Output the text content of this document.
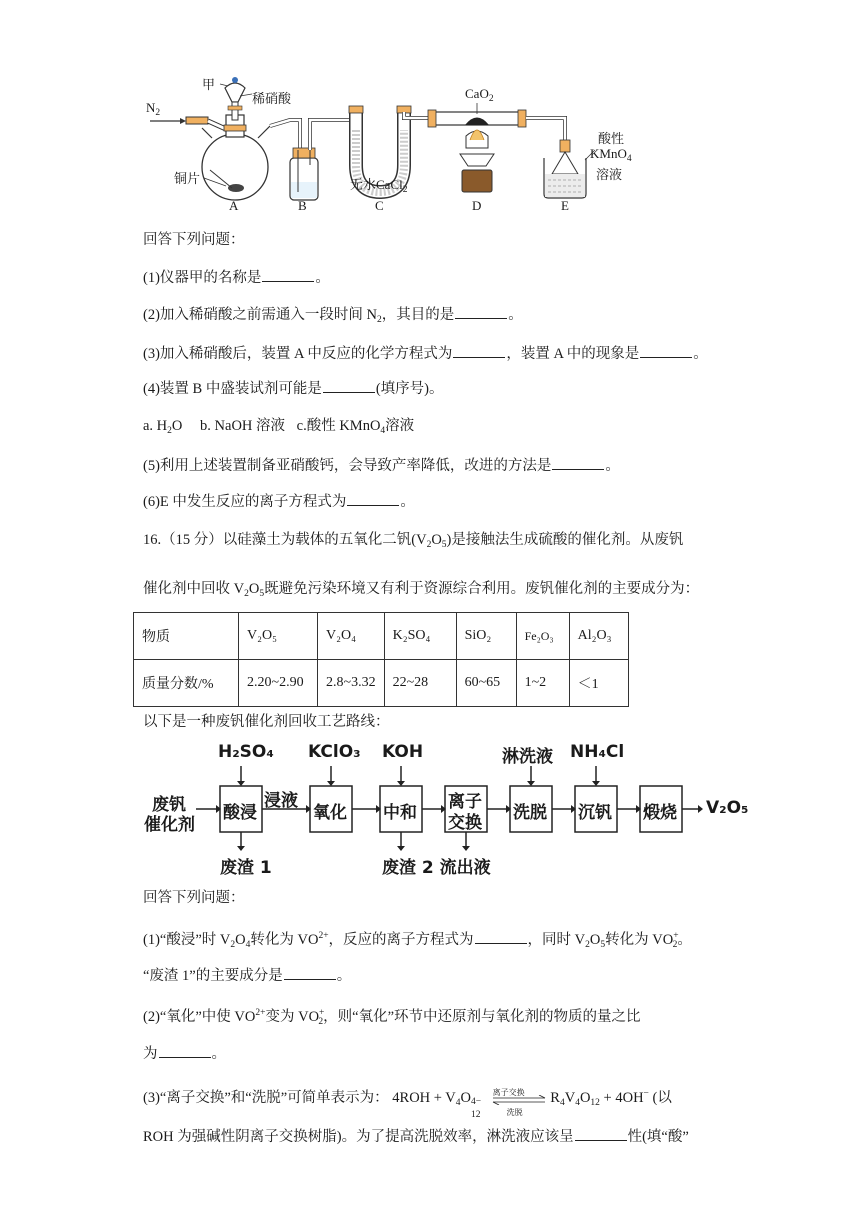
$N_2$
甲
稀硝酸
铜片	无水CaCl$_2$
CaO$_2$
酸性
KMnO$_4$
溶液
A	B	C	D	E
回答下列问题：
(1)仪器甲的名称是	。
(2)加入稀硝酸之前需通入一段时间 $N_2$，其目的是	。
(3)加入稀硝酸后，装置 A 中反应的化学方程式为	，装置 A 中的现象是	。
(4)装置 B 中盛装试剂可能是	(填序号)。
a. $H_2O$ b. NaOH 溶液 c.酸性 KMnO$_4$溶液
(5)利用上述装置制备亚硝酸钙，会导致产率降低，改进的方法是	。
(6)E 中发生反应的离子方程式为	。
16.（15 分）以硅藻土为载体的五氧化二钒$(V_2O_5)$是接触法生成硫酸的催化剂。从废钒
催化剂中回收 $V_2O_5$既避免污染环境又有利于资源综合利用。废钒催化剂的主要成分为：
物质	V₂O₅	V₂O₄	K₂SO₄	SiO₂	Fe₂O₃	Al₂O₃
质量分数/%	2.20~2.90	2.8~3.32	22~28	60~65	1~2	＜1
以下是一种废钒催化剂回收工艺路线：
废钒
催化剂
酸浸	氧化 中和
离子
交换 洗脱 沉钒 煅烧
浸液
H₂SO₄ KClO₃ KOH	淋洗液 NH₄Cl
废渣 1	废渣 2 流出液
V₂O₅
回答下列问题：
(1)“酸浸”时 $V_2O_4$转化为 $VO^{2+}$，反应的离子方程式为	，同时 $V_2O_5$转化为 $VO^+_2$。
“废渣 1”的主要成分是	。
(2)“氧化”中使 $VO^{2+}$变为 $VO^+_2$，则“氧化”环节中还原剂与氧化剂的物质的量之比
为	。
(3)“离子交换”和“洗脱”可简单表示为： $4ROH + V_4O$ 4−
12

离子交换
洗脱
$R_4V_4O_{12} + 4OH^-$ (以
ROH 为强碱性阴离子交换树脂)。为了提高洗脱效率，淋洗液应该呈	性(填“酸”
